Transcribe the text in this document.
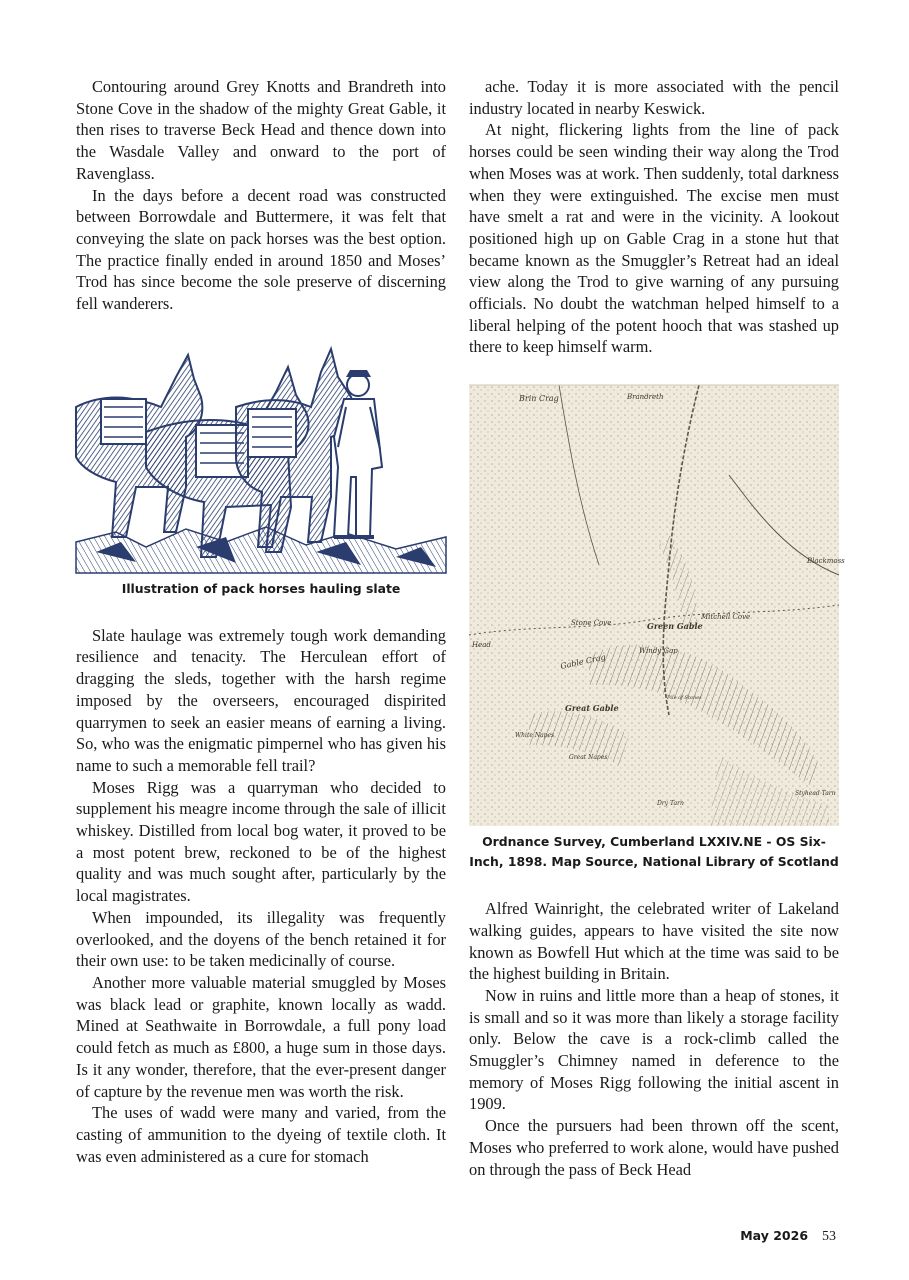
Contouring around Grey Knotts and Brandreth into Stone Cove in the shadow of the mighty Great Gable, it then rises to traverse Beck Head and thence down into the Wasdale Valley and onward to the port of Ravenglass.

In the days before a decent road was constructed between Borrowdale and Buttermere, it was felt that conveying the slate on pack horses was the best option. The practice finally ended in around 1850 and Moses’ Trod has since become the sole preserve of discerning fell wanderers.

Illustration of pack horses hauling slate

Slate haulage was extremely tough work demanding resilience and tenacity. The Herculean effort of dragging the sleds, together with the harsh regime imposed by the overseers, encouraged dispirited quarrymen to seek an easier means of earning a living. So, who was the enigmatic pimpernel who has given his name to such a memorable fell trail?

Moses Rigg was a quarryman who decided to supplement his meagre income through the sale of illicit whiskey. Distilled from local bog water, it proved to be a most potent brew, reckoned to be of the highest quality and was much sought after, particularly by the local magistrates.

When impounded, its illegality was frequently overlooked, and the doyens of the bench retained it for their own use: to be taken medicinally of course.

Another more valuable material smuggled by Moses was black lead or graphite, known locally as wadd. Mined at Seathwaite in Borrowdale, a full pony load could fetch as much as £800, a huge sum in those days. Is it any wonder, therefore, that the ever-present danger of capture by the revenue men was worth the risk.

The uses of wadd were many and varied, from the casting of ammunition to the dyeing of textile cloth. It was even administered as a cure for stomach

ache. Today it is more associated with the pencil industry located in nearby Keswick.

At night, flickering lights from the line of pack horses could be seen winding their way along the Trod when Moses was at work. Then suddenly, total darkness when they were extinguished. The excise men must have smelt a rat and were in the vicinity. A lookout positioned high up on Gable Crag in a stone hut that became known as the Smuggler’s Retreat had an ideal view along the Trod to give warning of any pursuing officials. No doubt the watchman helped himself to a liberal helping of the potent hooch that was stashed up there to keep himself warm.

Brin Crag	Brandreth
Blackmoss
Stone Cove	Green Gable
Mitchell Cove
Head
Gable Crag
Windy Gap
Great Gable
White Napes
Great Napes
Dry Tarn
Styhead Tarn
Pile of Stones
Ordnance Survey, Cumberland LXXIV.NE - OS Six-Inch, 1898. Map Source, National Library of Scotland

Alfred Wainright, the celebrated writer of Lakeland walking guides, appears to have visited the site now known as Bowfell Hut which at the time was said to be the highest building in Britain.

Now in ruins and little more than a heap of stones, it is small and so it was more than likely a storage facility only. Below the cave is a rock-climb called the Smuggler’s Chimney named in deference to the memory of Moses Rigg following the initial ascent in 1909.

Once the pursuers had been thrown off the scent, Moses who preferred to work alone, would have pushed on through the pass of Beck Head

May 2026 53
